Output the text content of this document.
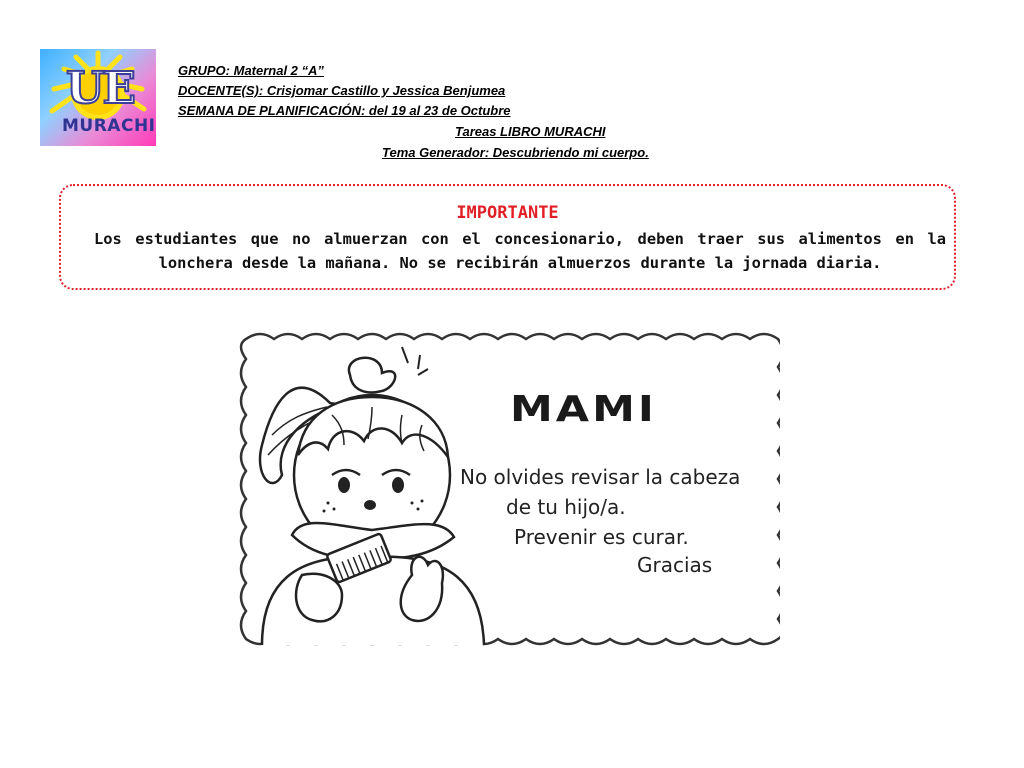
UE
MURACHI
GRUPO: Maternal 2 “A”
DOCENTE(S): Crisjomar Castillo y Jessica Benjumea
SEMANA DE PLANIFICACIÓN: del 19 al 23 de Octubre
Tareas LIBRO MURACHI
Tema Generador: Descubriendo mi cuerpo.
IMPORTANTE
Los estudiantes que no almuerzan con el concesionario, deben traer sus alimentos en la lonchera desde la mañana. No se recibirán almuerzos durante la jornada diaria.
MAMI
No olvides revisar la cabeza
de tu hijo/a.
Prevenir es curar.
Gracias
